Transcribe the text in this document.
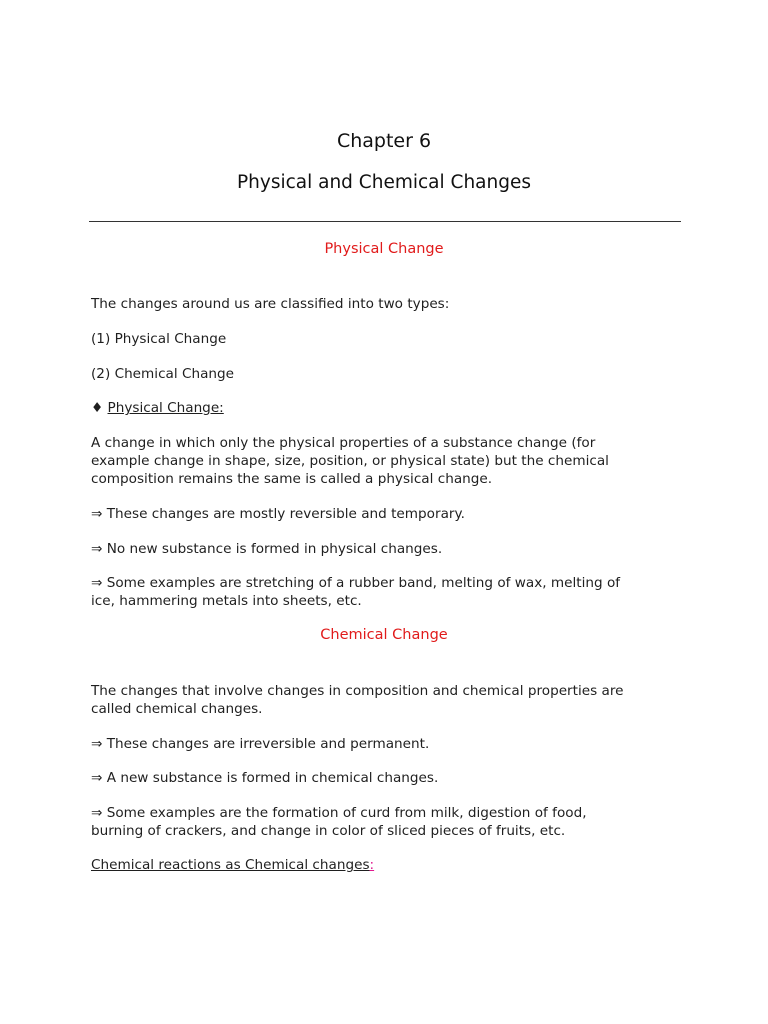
Chapter 6
Physical and Chemical Changes
Physical Change
The changes around us are classified into two types:
(1) Physical Change
(2) Chemical Change
♦ Physical Change:
A change in which only the physical properties of a substance change (for
example change in shape, size, position, or physical state) but the chemical
composition remains the same is called a physical change.
⇒ These changes are mostly reversible and temporary.
⇒ No new substance is formed in physical changes.
⇒ Some examples are stretching of a rubber band, melting of wax, melting of
ice, hammering metals into sheets, etc.
Chemical Change
The changes that involve changes in composition and chemical properties are
called chemical changes.
⇒ These changes are irreversible and permanent.
⇒ A new substance is formed in chemical changes.
⇒ Some examples are the formation of curd from milk, digestion of food,
burning of crackers, and change in color of sliced pieces of fruits, etc.
Chemical reactions as Chemical changes:
